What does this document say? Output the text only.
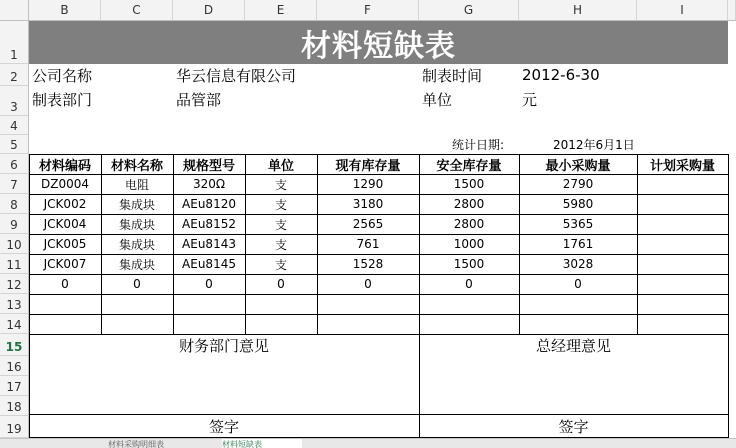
B	C	D	E	F	G	H	I
1
2
3
4
5
6
7
8
9
10
11
12
13
14
15
16
17
18
19
材料短缺表
公司名称	华云信息有限公司	制表时间	2012-6-30
制表部门	品管部	单位	元
统计日期:	2012年6月1日
材料编码	材料名称	规格型号	单位	现有库存量	安全库存量	最小采购量	计划采购量
DZ0004	电阻	320Ω	支	1290	1500	2790
JCK002	集成块	AEu8120	支	3180	2800	5980
JCK004	集成块	AEu8152	支	2565	2800	5365
JCK005	集成块	AEu8143	支	761	1000	1761
JCK007	集成块	AEu8145	支	1528	1500	3028
0	0	0	0	0	0	0
财务部门意见	总经理意见
签字	签字
材料采购明细表	材料短缺表
